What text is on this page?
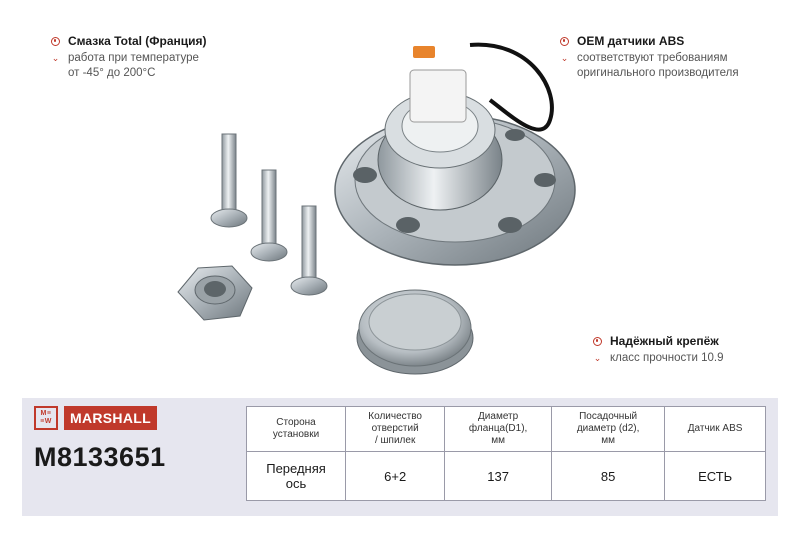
Смазка Total (Франция)
⌄ работа при температуре
от -45° до 200°C
OEM датчики ABS
⌄ соответствуют требованиям
оригинального производителя
Надёжный крепёж
⌄ класс прочности 10.9
M≡
≡W	MARSHALL
M8133651
Сторона
установки	Количество
отверстий
/ шпилек	Диаметр
фланца(D1),
мм	Посадочный
диаметр (d2),
мм	Датчик ABS
Передняя
ось	6+2	137	85	ЕСТЬ
